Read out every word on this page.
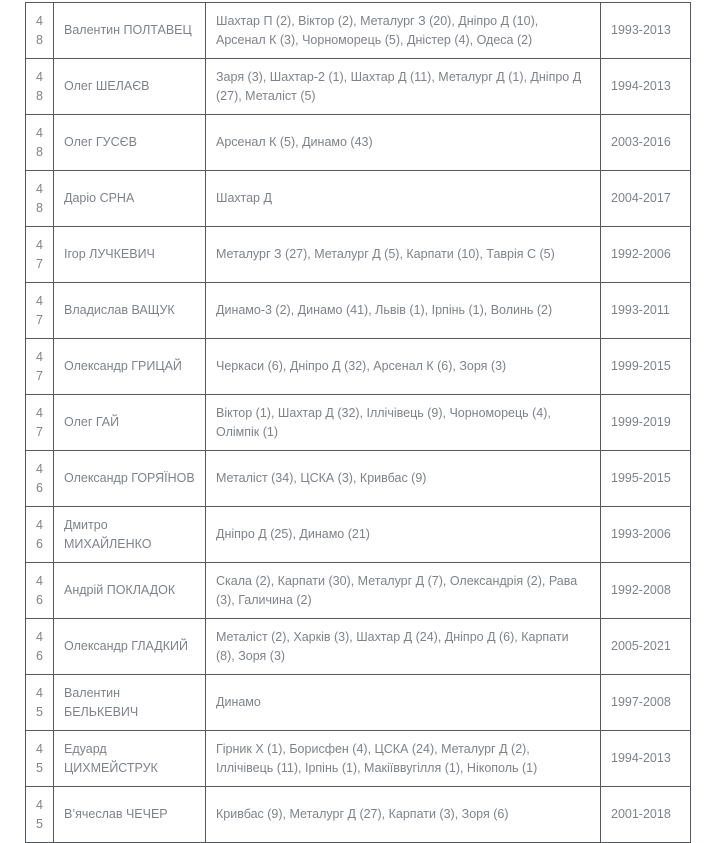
48	Валентин ПОЛТАВЕЦ	Шахтар П (2), Віктор (2), Металург З (20), Дніпро Д (10), Арсенал К (3), Чорноморець (5), Дністер (4), Одеса (2)	1993-2013
48	Олег ШЕЛАЄВ	Заря (3), Шахтар-2 (1), Шахтар Д (11), Металург Д (1), Дніпро Д (27), Металіст (5)	1994-2013
48	Олег ГУСЄВ	Арсенал К (5), Динамо (43)	2003-2016
48	Даріо СРНА	Шахтар Д	2004-2017
47	Ігор ЛУЧКЕВИЧ	Металург З (27), Металург Д (5), Карпати (10), Таврія С (5)	1992-2006
47	Владислав ВАЩУК	Динамо-3 (2), Динамо (41), Львів (1), Ірпінь (1), Волинь (2)	1993-2011
47	Олександр ГРИЦАЙ	Черкаси (6), Дніпро Д (32), Арсенал К (6), Зоря (3)	1999-2015
47	Олег ГАЙ	Віктор (1), Шахтар Д (32), Іллічівець (9), Чорноморець (4), Олімпік (1)	1999-2019
46	Олександр ГОРЯЇНОВ	Металіст (34), ЦСКА (3), Кривбас (9)	1995-2015
46	Дмитро МИХАЙЛЕНКО	Дніпро Д (25), Динамо (21)	1993-2006
46	Андрій ПОКЛАДОК	Скала (2), Карпати (30), Металург Д (7), Олександрія (2), Рава (3), Галичина (2)	1992-2008
46	Олександр ГЛАДКИЙ	Металіст (2), Харків (3), Шахтар Д (24), Дніпро Д (6), Карпати (8), Зоря (3)	2005-2021
45	Валентин БЕЛЬКЕВИЧ	Динамо	1997-2008
45	Едуард ЦИХМЕЙСТРУК	Гірник Х (1), Борисфен (4), ЦСКА (24), Металург Д (2), Іллічівець (11), Ірпінь (1), Макіїввугілля (1), Нікополь (1)	1994-2013
45	В’ячеслав ЧЕЧЕР	Кривбас (9), Металург Д (27), Карпати (3), Зоря (6)	2001-2018
